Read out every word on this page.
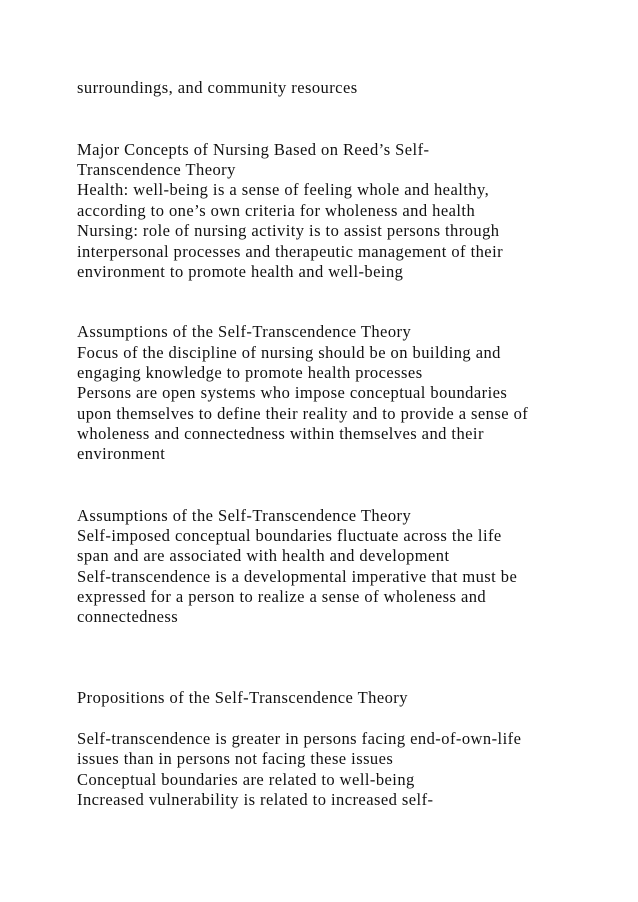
surroundings, and community resources
Major Concepts of Nursing Based on Reed’s Self-
Transcendence Theory
Health: well-being is a sense of feeling whole and healthy,
according to one’s own criteria for wholeness and health
Nursing: role of nursing activity is to assist persons through
interpersonal processes and therapeutic management of their
environment to promote health and well-being
Assumptions of the Self-Transcendence Theory
Focus of the discipline of nursing should be on building and
engaging knowledge to promote health processes
Persons are open systems who impose conceptual boundaries
upon themselves to define their reality and to provide a sense of
wholeness and connectedness within themselves and their
environment
Assumptions of the Self-Transcendence Theory
Self-imposed conceptual boundaries fluctuate across the life
span and are associated with health and development
Self-transcendence is a developmental imperative that must be
expressed for a person to realize a sense of wholeness and
connectedness
Propositions of the Self-Transcendence Theory
Self-transcendence is greater in persons facing end-of-own-life
issues than in persons not facing these issues
Conceptual boundaries are related to well-being
Increased vulnerability is related to increased self-
